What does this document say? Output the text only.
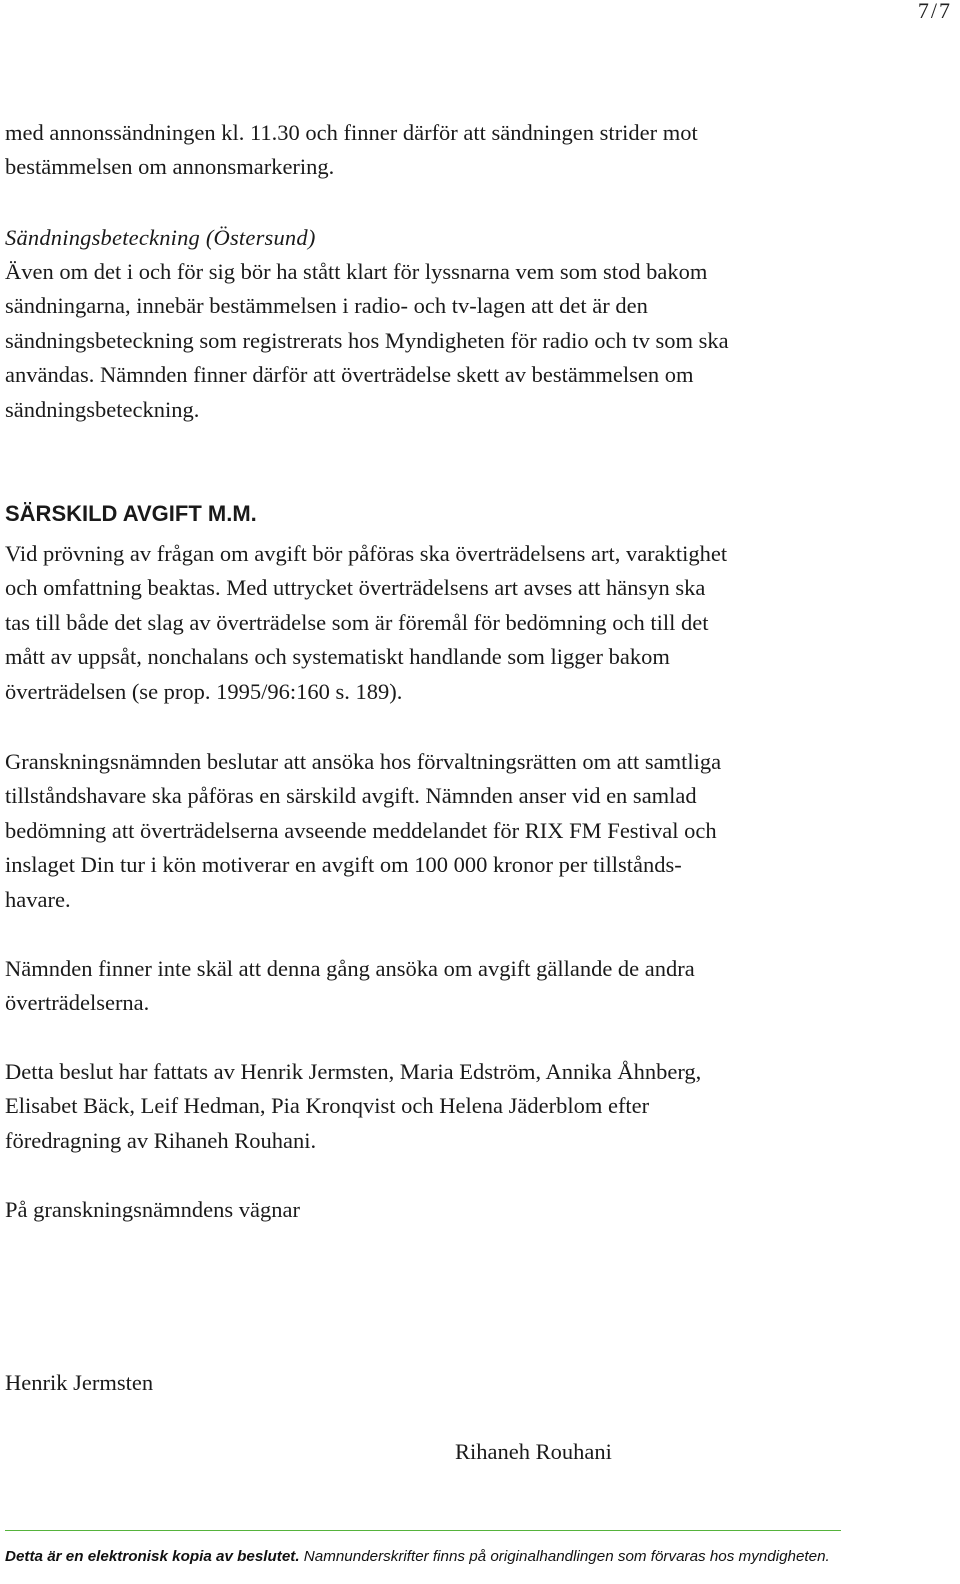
7/7

med annonssändningen kl. 11.30 och finner därför att sändningen strider mot

bestämmelsen om annonsmarkering.

Sändningsbeteckning (Östersund)

Även om det i och för sig bör ha stått klart för lyssnarna vem som stod bakom

sändningarna, innebär bestämmelsen i radio- och tv-lagen att det är den

sändningsbeteckning som registrerats hos Myndigheten för radio och tv som ska

användas. Nämnden finner därför att överträdelse skett av bestämmelsen om

sändningsbeteckning.

SÄRSKILD AVGIFT M.M.

Vid prövning av frågan om avgift bör påföras ska överträdelsens art, varaktighet

och omfattning beaktas. Med uttrycket överträdelsens art avses att hänsyn ska

tas till både det slag av överträdelse som är föremål för bedömning och till det

mått av uppsåt, nonchalans och systematiskt handlande som ligger bakom

överträdelsen (se prop. 1995/96:160 s. 189).

Granskningsnämnden beslutar att ansöka hos förvaltningsrätten om att samtliga

tillståndshavare ska påföras en särskild avgift. Nämnden anser vid en samlad

bedömning att överträdelserna avseende meddelandet för RIX FM Festival och

inslaget Din tur i kön motiverar en avgift om 100 000 kronor per tillstånds-

havare.

Nämnden finner inte skäl att denna gång ansöka om avgift gällande de andra

överträdelserna.

Detta beslut har fattats av Henrik Jermsten, Maria Edström, Annika Åhnberg,

Elisabet Bäck, Leif Hedman, Pia Kronqvist och Helena Jäderblom efter

föredragning av Rihaneh Rouhani.

På granskningsnämndens vägnar
Henrik Jermsten
Rihaneh Rouhani
Detta är en elektronisk kopia av beslutet. Namnunderskrifter finns på originalhandlingen som förvaras hos myndigheten.
